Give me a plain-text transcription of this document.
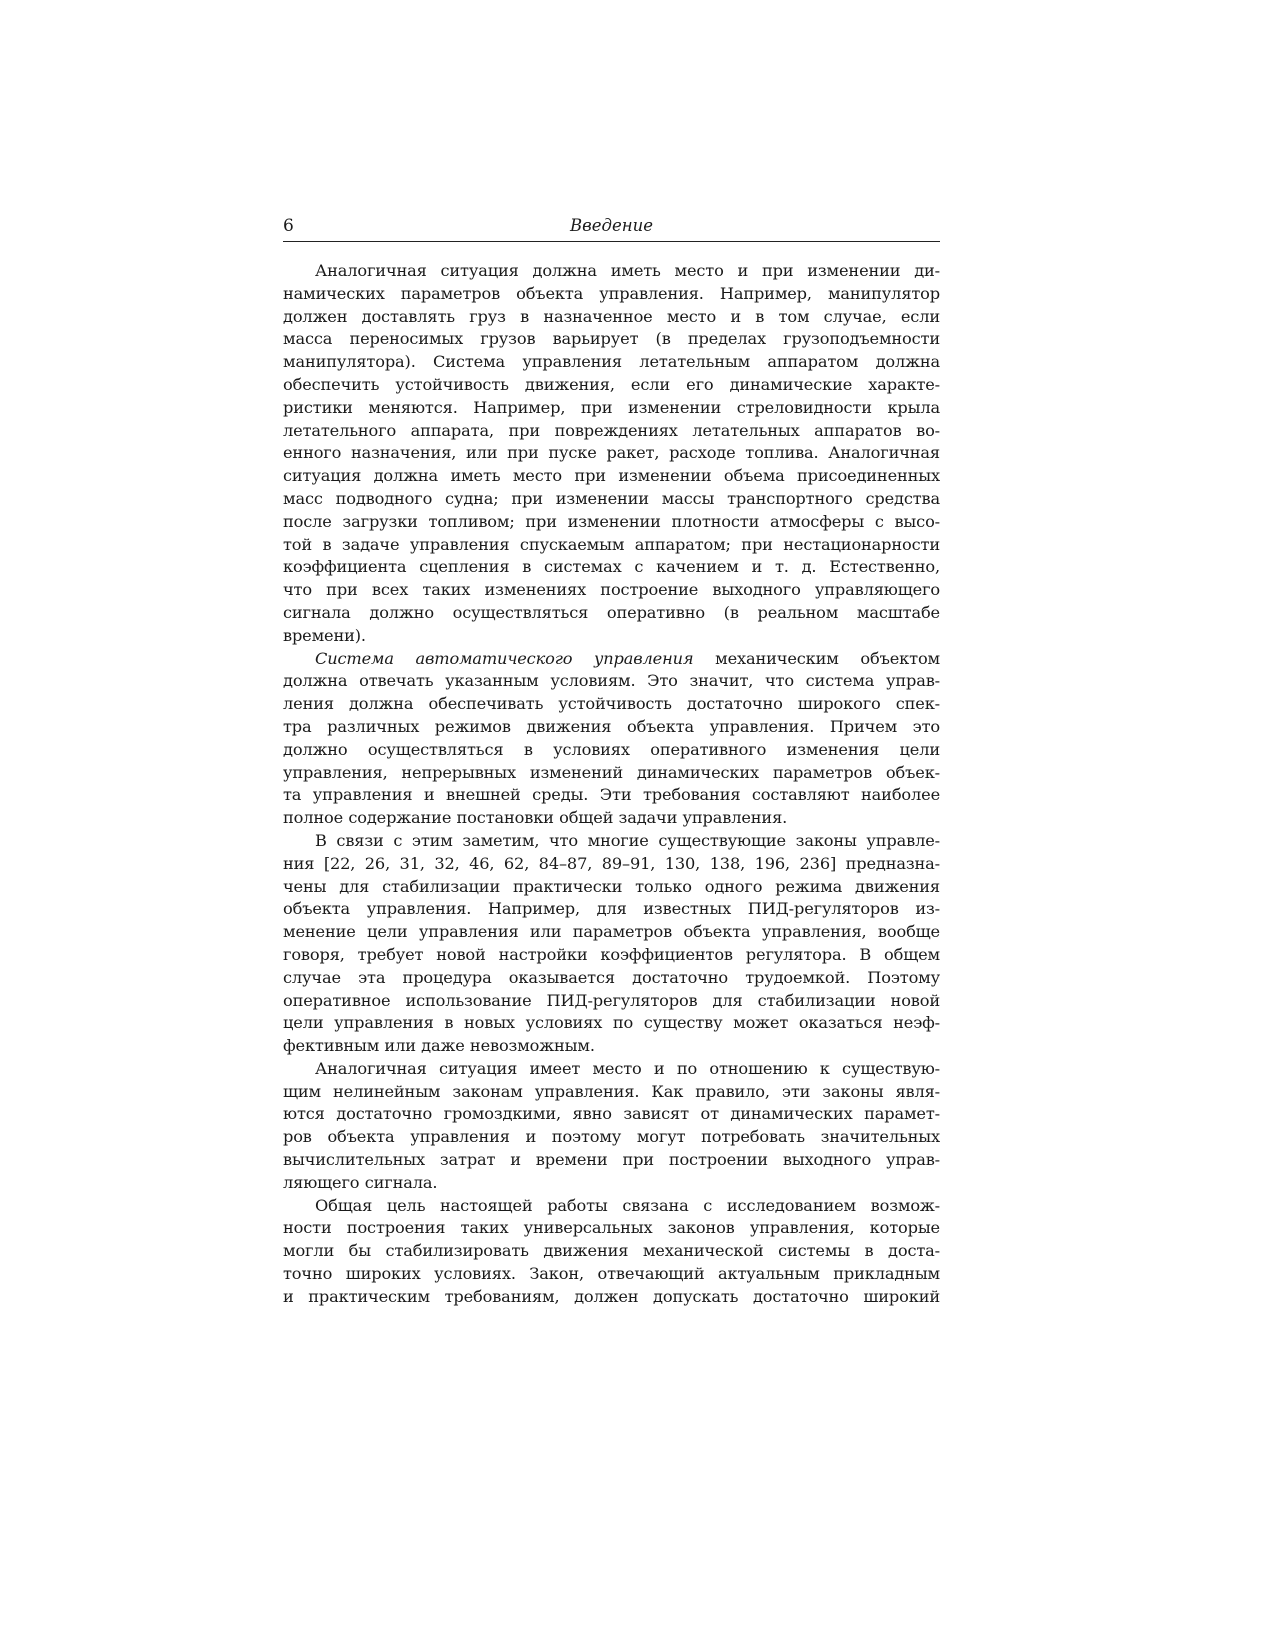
6	Введение
Аналогичная ситуация должна иметь место и при изменении ди-
намических параметров объекта управления. Например, манипулятор
должен доставлять груз в назначенное место и в том случае, если
масса переносимых грузов варьирует (в пределах грузоподъемности
манипулятора). Система управления летательным аппаратом должна
обеспечить устойчивость движения, если его динамические характе-
ристики меняются. Например, при изменении стреловидности крыла
летательного аппарата, при повреждениях летательных аппаратов во-
енного назначения, или при пуске ракет, расходе топлива. Аналогичная
ситуация должна иметь место при изменении объема присоединенных
масс подводного судна; при изменении массы транспортного средства
после загрузки топливом; при изменении плотности атмосферы с высо-
той в задаче управления спускаемым аппаратом; при нестационарности
коэффициента сцепления в системах с качением и т. д. Естественно,
что при всех таких изменениях построение выходного управляющего
сигнала должно осуществляться оперативно (в реальном масштабе
времени).
Система автоматического управления механическим объектом
должна отвечать указанным условиям. Это значит, что система управ-
ления должна обеспечивать устойчивость достаточно широкого спек-
тра различных режимов движения объекта управления. Причем это
должно осуществляться в условиях оперативного изменения цели
управления, непрерывных изменений динамических параметров объек-
та управления и внешней среды. Эти требования составляют наиболее
полное содержание постановки общей задачи управления.
В связи с этим заметим, что многие существующие законы управле-
ния [22, 26, 31, 32, 46, 62, 84–87, 89–91, 130, 138, 196, 236] предназна-
чены для стабилизации практически только одного режима движения
объекта управления. Например, для известных ПИД-регуляторов из-
менение цели управления или параметров объекта управления, вообще
говоря, требует новой настройки коэффициентов регулятора. В общем
случае эта процедура оказывается достаточно трудоемкой. Поэтому
оперативное использование ПИД-регуляторов для стабилизации новой
цели управления в новых условиях по существу может оказаться неэф-
фективным или даже невозможным.
Аналогичная ситуация имеет место и по отношению к существую-
щим нелинейным законам управления. Как правило, эти законы явля-
ются достаточно громоздкими, явно зависят от динамических парамет-
ров объекта управления и поэтому могут потребовать значительных
вычислительных затрат и времени при построении выходного управ-
ляющего сигнала.
Общая цель настоящей работы связана с исследованием возмож-
ности построения таких универсальных законов управления, которые
могли бы стабилизировать движения механической системы в доста-
точно широких условиях. Закон, отвечающий актуальным прикладным
и практическим требованиям, должен допускать достаточно широкий
